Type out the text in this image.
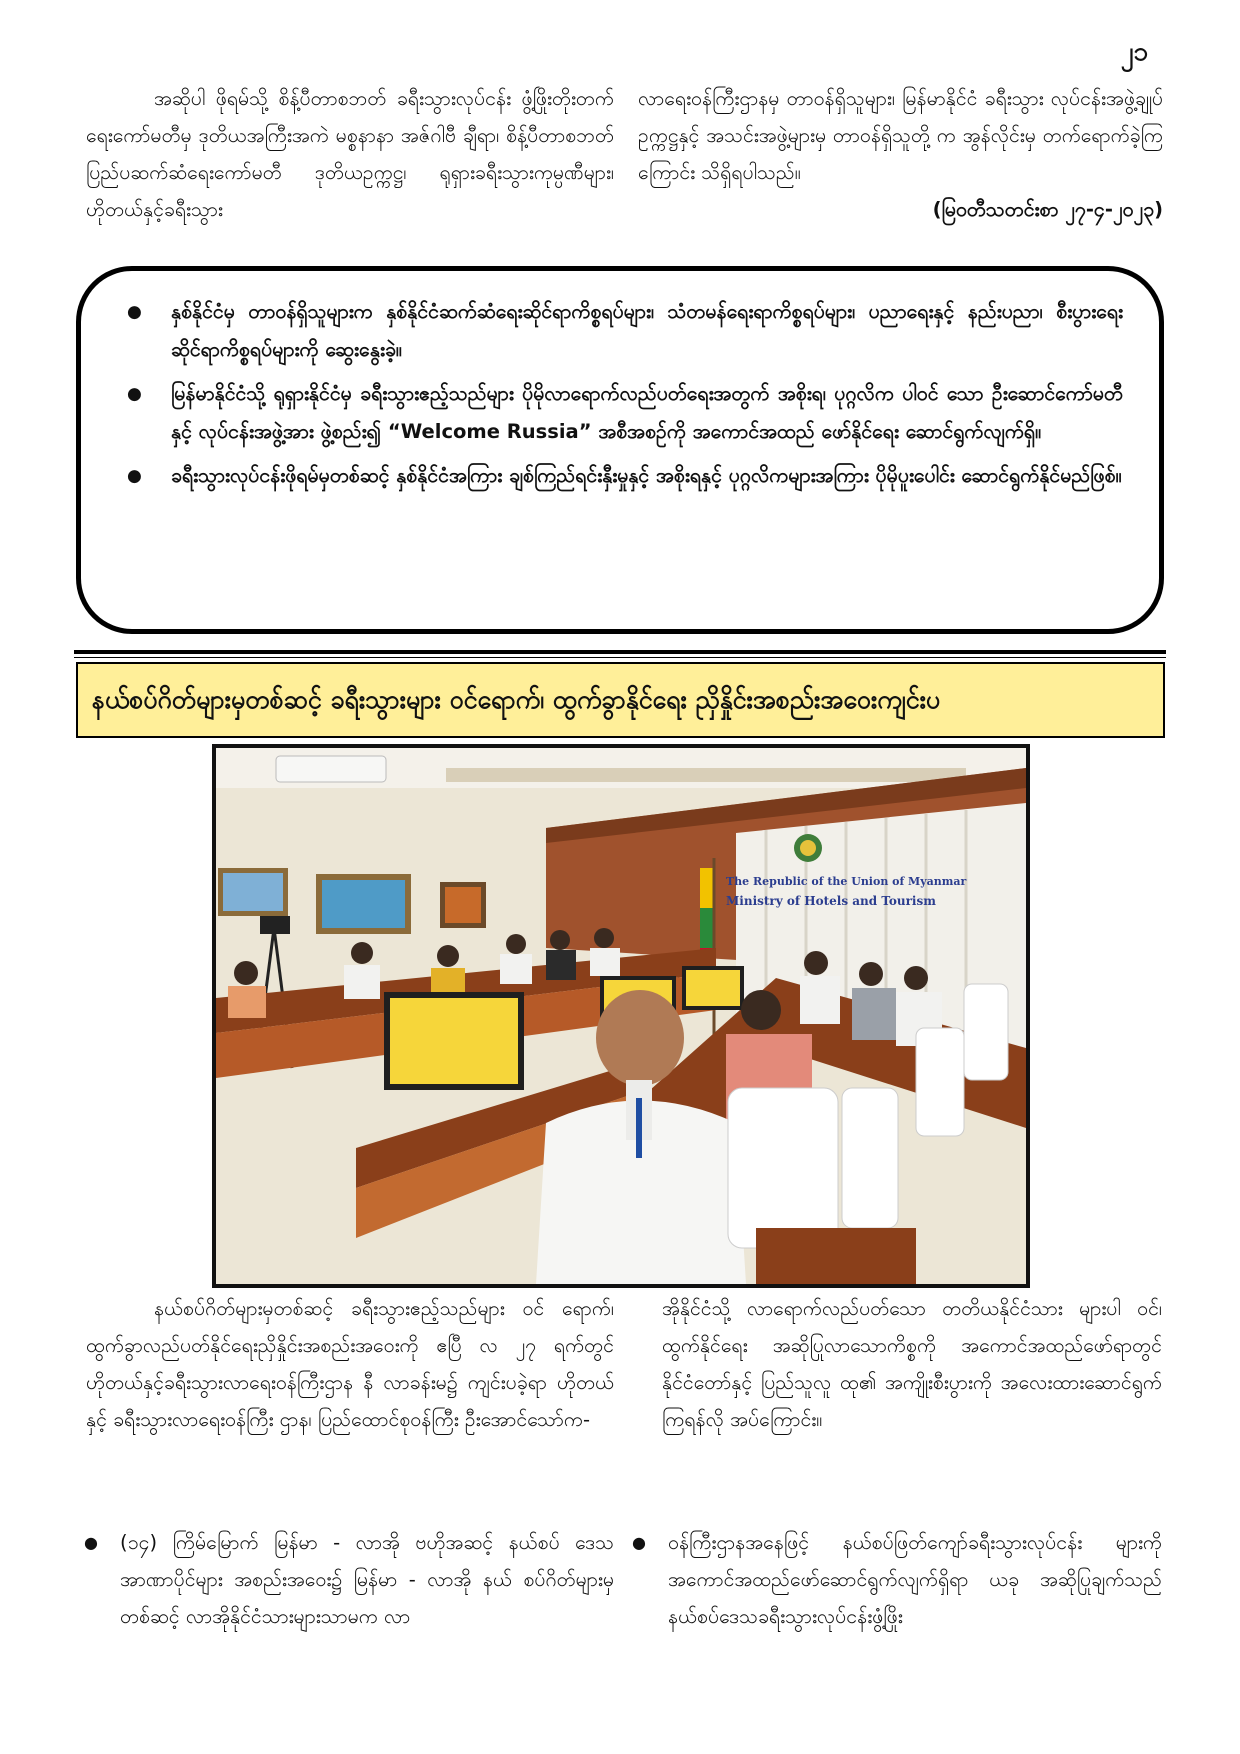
၂၁

အဆိုပါ ဖိုရမ်သို့ စိန့်ပီတာစဘတ် ခရီးသွားလုပ်ငန်း ဖွံ့ဖြိုးတိုးတက်ရေးကော်မတီမှ ဒုတိယအကြီးအကဲ မစ္စနာနာ အဇ်ဂါဗီ ချီရာ၊ စိန့်ပီတာစဘတ် ပြည်ပဆက်ဆံရေးကော်မတီ ဒုတိယဥက္ကဋ္ဌ၊ ရုရှားခရီးသွားကုမ္ပဏီများ၊ ဟိုတယ်နှင့်ခရီးသွား

လာရေးဝန်ကြီးဌာနမှ တာဝန်ရှိသူများ၊ မြန်မာနိုင်ငံ ခရီးသွား လုပ်ငန်းအဖွဲ့ချုပ်ဥက္ကဋ္ဌနှင့် အသင်းအဖွဲ့များမှ တာဝန်ရှိသူတို့ က အွန်လိုင်းမှ တက်ရောက်ခဲ့ကြကြောင်း သိရှိရပါသည်။

(မြဝတီသတင်းစာ ၂၇-၄-၂၀၂၃)

● နှစ်နိုင်ငံမှ တာဝန်ရှိသူများက နှစ်နိုင်ငံဆက်ဆံရေးဆိုင်ရာကိစ္စရပ်များ၊ သံတမန်ရေးရာကိစ္စရပ်များ၊ ပညာရေးနှင့် နည်းပညာ၊ စီးပွားရေးဆိုင်ရာကိစ္စရပ်များကို ဆွေးနွေးခဲ့။
● မြန်မာနိုင်ငံသို့ ရုရှားနိုင်ငံမှ ခရီးသွားဧည့်သည်များ ပိုမိုလာရောက်လည်ပတ်ရေးအတွက် အစိုးရ၊ ပုဂ္ဂလိက ပါဝင် သော ဦးဆောင်ကော်မတီနှင့် လုပ်ငန်းအဖွဲ့အား ဖွဲ့စည်း၍ “Welcome Russia” အစီအစဉ်ကို အကောင်အထည် ဖော်နိုင်ရေး ဆောင်ရွက်လျက်ရှိ။
● ခရီးသွားလုပ်ငန်းဖိုရမ်မှတစ်ဆင့် နှစ်နိုင်ငံအကြား ချစ်ကြည်ရင်းနှီးမှုနှင့် အစိုးရနှင့် ပုဂ္ဂလိကများအကြား ပိုမိုပူးပေါင်း ဆောင်ရွက်နိုင်မည်ဖြစ်။
နယ်စပ်ဂိတ်များမှတစ်ဆင့် ခရီးသွားများ ဝင်ရောက်၊ ထွက်ခွာနိုင်ရေး ညှိနှိုင်းအစည်းအဝေးကျင်းပ
The Republic of the Union of Myanmar
Ministry of Hotels and Tourism

နယ်စပ်ဂိတ်များမှတစ်ဆင့် ခရီးသွားဧည့်သည်များ ဝင် ရောက်၊ ထွက်ခွာလည်ပတ်နိုင်ရေးညှိနှိုင်းအစည်းအဝေးကို ဧပြီ လ ၂၇ ရက်တွင် ဟိုတယ်နှင့်ခရီးသွားလာရေးဝန်ကြီးဌာန နီ လာခန်းမ၌ ကျင်းပခဲ့ရာ ဟိုတယ်နှင့် ခရီးသွားလာရေးဝန်ကြီး ဌာန၊ ပြည်ထောင်စုဝန်ကြီး ဦးအောင်သော်က-

အိုနိုင်ငံသို့ လာရောက်လည်ပတ်သော တတိယနိုင်ငံသား များပါ ဝင်၊ ထွက်နိုင်ရေး အဆိုပြုလာသောကိစ္စကို အကောင်အထည်ဖော်ရာတွင် နိုင်ငံတော်နှင့် ပြည်သူလူ ထု၏ အကျိုးစီးပွားကို အလေးထားဆောင်ရွက်ကြရန်လို အပ်ကြောင်း။

● (၁၄) ကြိမ်မြောက် မြန်မာ - လာအို ဗဟိုအဆင့် နယ်စပ် ဒေသအာဏာပိုင်များ အစည်းအဝေး၌ မြန်မာ - လာအို နယ် စပ်ဂိတ်များမှတစ်ဆင့် လာအိုနိုင်ငံသားများသာမက လာ
● ဝန်ကြီးဌာနအနေဖြင့် နယ်စပ်ဖြတ်ကျော်ခရီးသွားလုပ်ငန်း များကို အကောင်အထည်ဖော်ဆောင်ရွက်လျက်ရှိရာ ယခု အဆိုပြုချက်သည် နယ်စပ်ဒေသခရီးသွားလုပ်ငန်းဖွံ့ဖြိုး
